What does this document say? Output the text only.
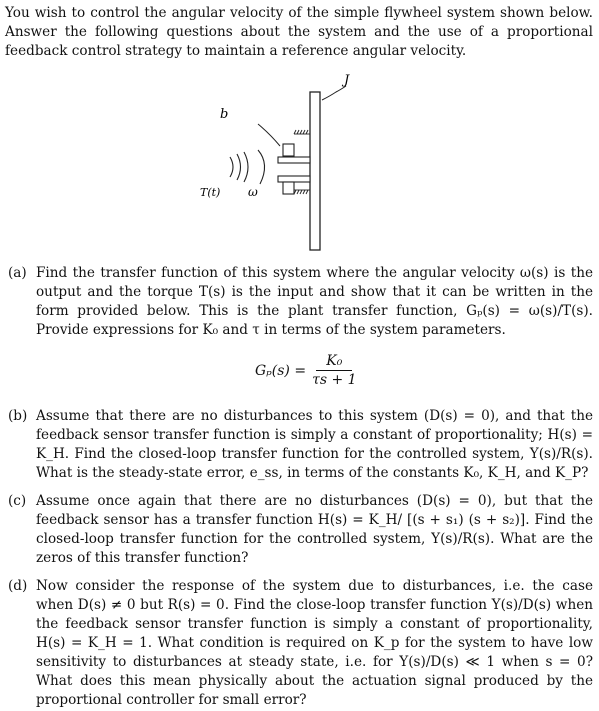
You wish to control the angular velocity of the simple flywheel system shown below. Answer the following questions about the system and the use of a proportional feedback control strategy to maintain a reference angular velocity.

b
J
T(t) ω
(a) Find the transfer function of this system where the angular velocity ω(s) is the output and the torque T(s) is the input and show that it can be written in the form provided below. This is the plant transfer function, Gₚ(s) = ω(s)/T(s). Provide expressions for K₀ and τ in terms of the system parameters.
$G_p(s) = \frac{\text{K₀}}{\tau s + 1}$
(b) Assume that there are no disturbances to this system (D(s) = 0), and that the feedback sensor transfer function is simply a constant of proportionality; H(s) = K_H. Find the closed-loop transfer function for the controlled system, Y(s)/R(s). What is the steady-state error, e_ss, in terms of the constants K₀, K_H, and K_P?
(c) Assume once again that there are no disturbances (D(s) = 0), but that the feedback sensor has a transfer function H(s) = K_H/ [(s + s₁) (s + s₂)]. Find the closed-loop transfer function for the controlled system, Y(s)/R(s). What are the zeros of this transfer function?
(d) Now consider the response of the system due to disturbances, i.e. the case when D(s) ≠ 0 but R(s) = 0. Find the close-loop transfer function Y(s)/D(s) when the feedback sensor transfer function is simply a constant of proportionality, H(s) = K_H = 1. What condition is required on K_p for the system to have low sensitivity to disturbances at steady state, i.e. for Y(s)/D(s) ≪ 1 when s = 0? What does this mean physically about the actuation signal produced by the proportional controller for small error?
